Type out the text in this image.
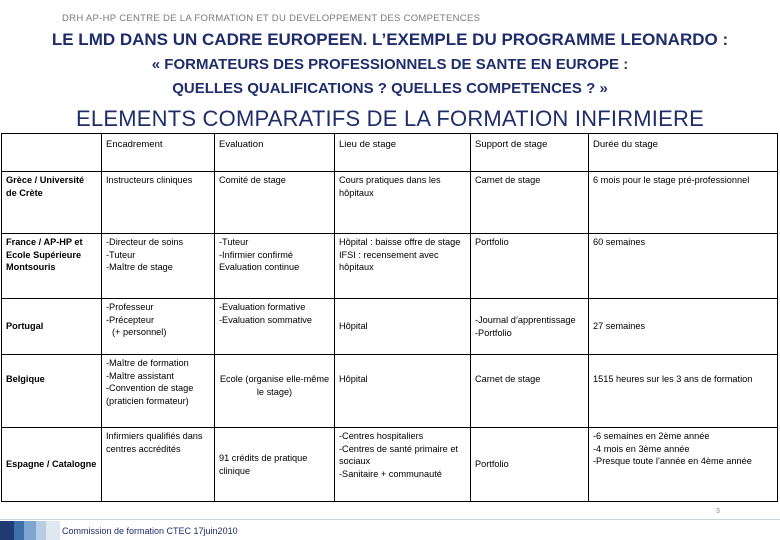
DRH AP-HP CENTRE DE LA FORMATION ET DU DEVELOPPEMENT DES COMPETENCES
LE LMD DANS UN CADRE EUROPEEN. L’EXEMPLE DU PROGRAMME LEONARDO :
« FORMATEURS DES PROFESSIONNELS DE SANTE EN EUROPE :
QUELLES QUALIFICATIONS ? QUELLES COMPETENCES ? »
ELEMENTS COMPARATIFS DE LA FORMATION INFIRMIERE
	Encadrement	Evaluation	Lieu de stage	Support de stage	Durée du stage
Grèce / Université de Crète	Instructeurs cliniques	Comité de stage	Cours pratiques dans les hôpitaux	Carnet de stage	6 mois pour le stage pré-professionnel

France / AP-HP et Ecole Supérieure Montsouris	-Directeur de soins
-Tuteur
-Maître de stage	-Tuteur
-Infirmier confirmé
Evaluation continue	Hôpital : baisse offre de stage
IFSI : recensement avec hôpitaux	Portfolio	60 semaines

Portugal	-Professeur
-Précepteur
(+ personnel)	-Evaluation formative
-Evaluation sommative	Hôpital	-Journal d’apprentissage
-Portfolio	27 semaines

Belgique	-Maître de formation
-Maître assistant
-Convention de stage (praticien formateur)	Ecole (organise elle-même le stage)	Hôpital	Carnet de stage	1515 heures sur les 3 ans de formation

Espagne / Catalogne	Infirmiers qualifiés dans centres accrédités	91 crédits de pratique clinique	-Centres hospitaliers
-Centres de santé primaire et sociaux
-Sanitaire + communauté	Portfolio	-6 semaines en 2ème année
-4 mois en 3ème année
-Presque toute l’année en 4ème année
3
Commission de formation CTEC 17juin2010
